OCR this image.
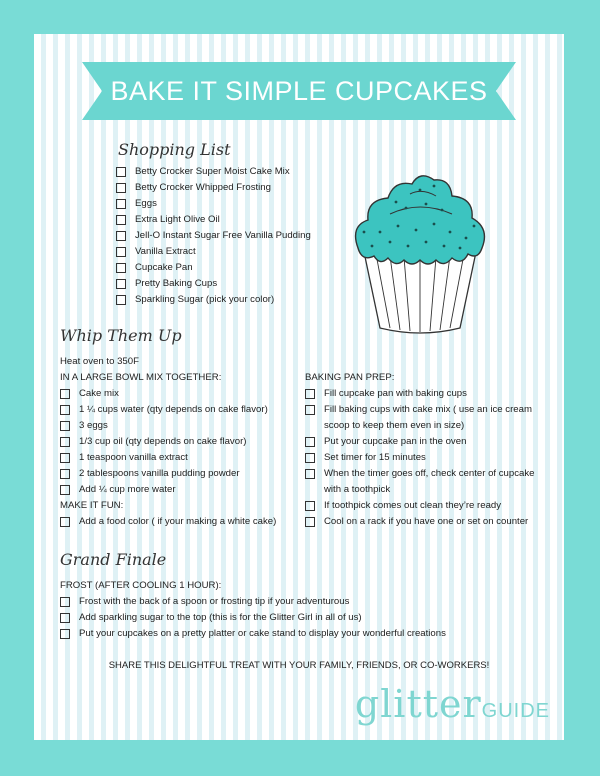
BAKE IT SIMPLE CUPCAKES
Shopping List
Betty Crocker Super Moist Cake Mix
Betty Crocker Whipped Frosting
Eggs
Extra Light Olive Oil
Jell-O Instant Sugar Free Vanilla Pudding
Vanilla Extract
Cupcake Pan
Pretty Baking Cups
Sparkling Sugar (pick your color)
Whip Them Up
Heat oven to 350F
IN A LARGE BOWL MIX TOGETHER:
Cake mix
1 ¼ cups water (qty depends on cake flavor)
3 eggs
1/3 cup oil (qty depends on cake flavor)
1 teaspoon vanilla extract
2 tablespoons vanilla pudding powder
Add ¼ cup more water
MAKE IT FUN:
Add a food color ( if your making a white cake)
BAKING PAN PREP:
Fill cupcake pan with baking cups
Fill baking cups with cake mix ( use an ice cream
scoop to keep them even in size)
Put your cupcake pan in the oven
Set timer for 15 minutes
When the timer goes off, check center of cupcake
with a toothpick
If toothpick comes out clean they’re ready
Cool on a rack if you have one or set on counter
Grand Finale
FROST (AFTER COOLING 1 HOUR):
Frost with the back of a spoon or frosting tip if your adventurous
Add sparkling sugar to the top (this is for the Glitter Girl in all of us)
Put your cupcakes on a pretty platter or cake stand to display your wonderful creations
SHARE THIS DELIGHTFUL TREAT WITH YOUR FAMILY, FRIENDS, OR CO-WORKERS!
glitterGUIDE
